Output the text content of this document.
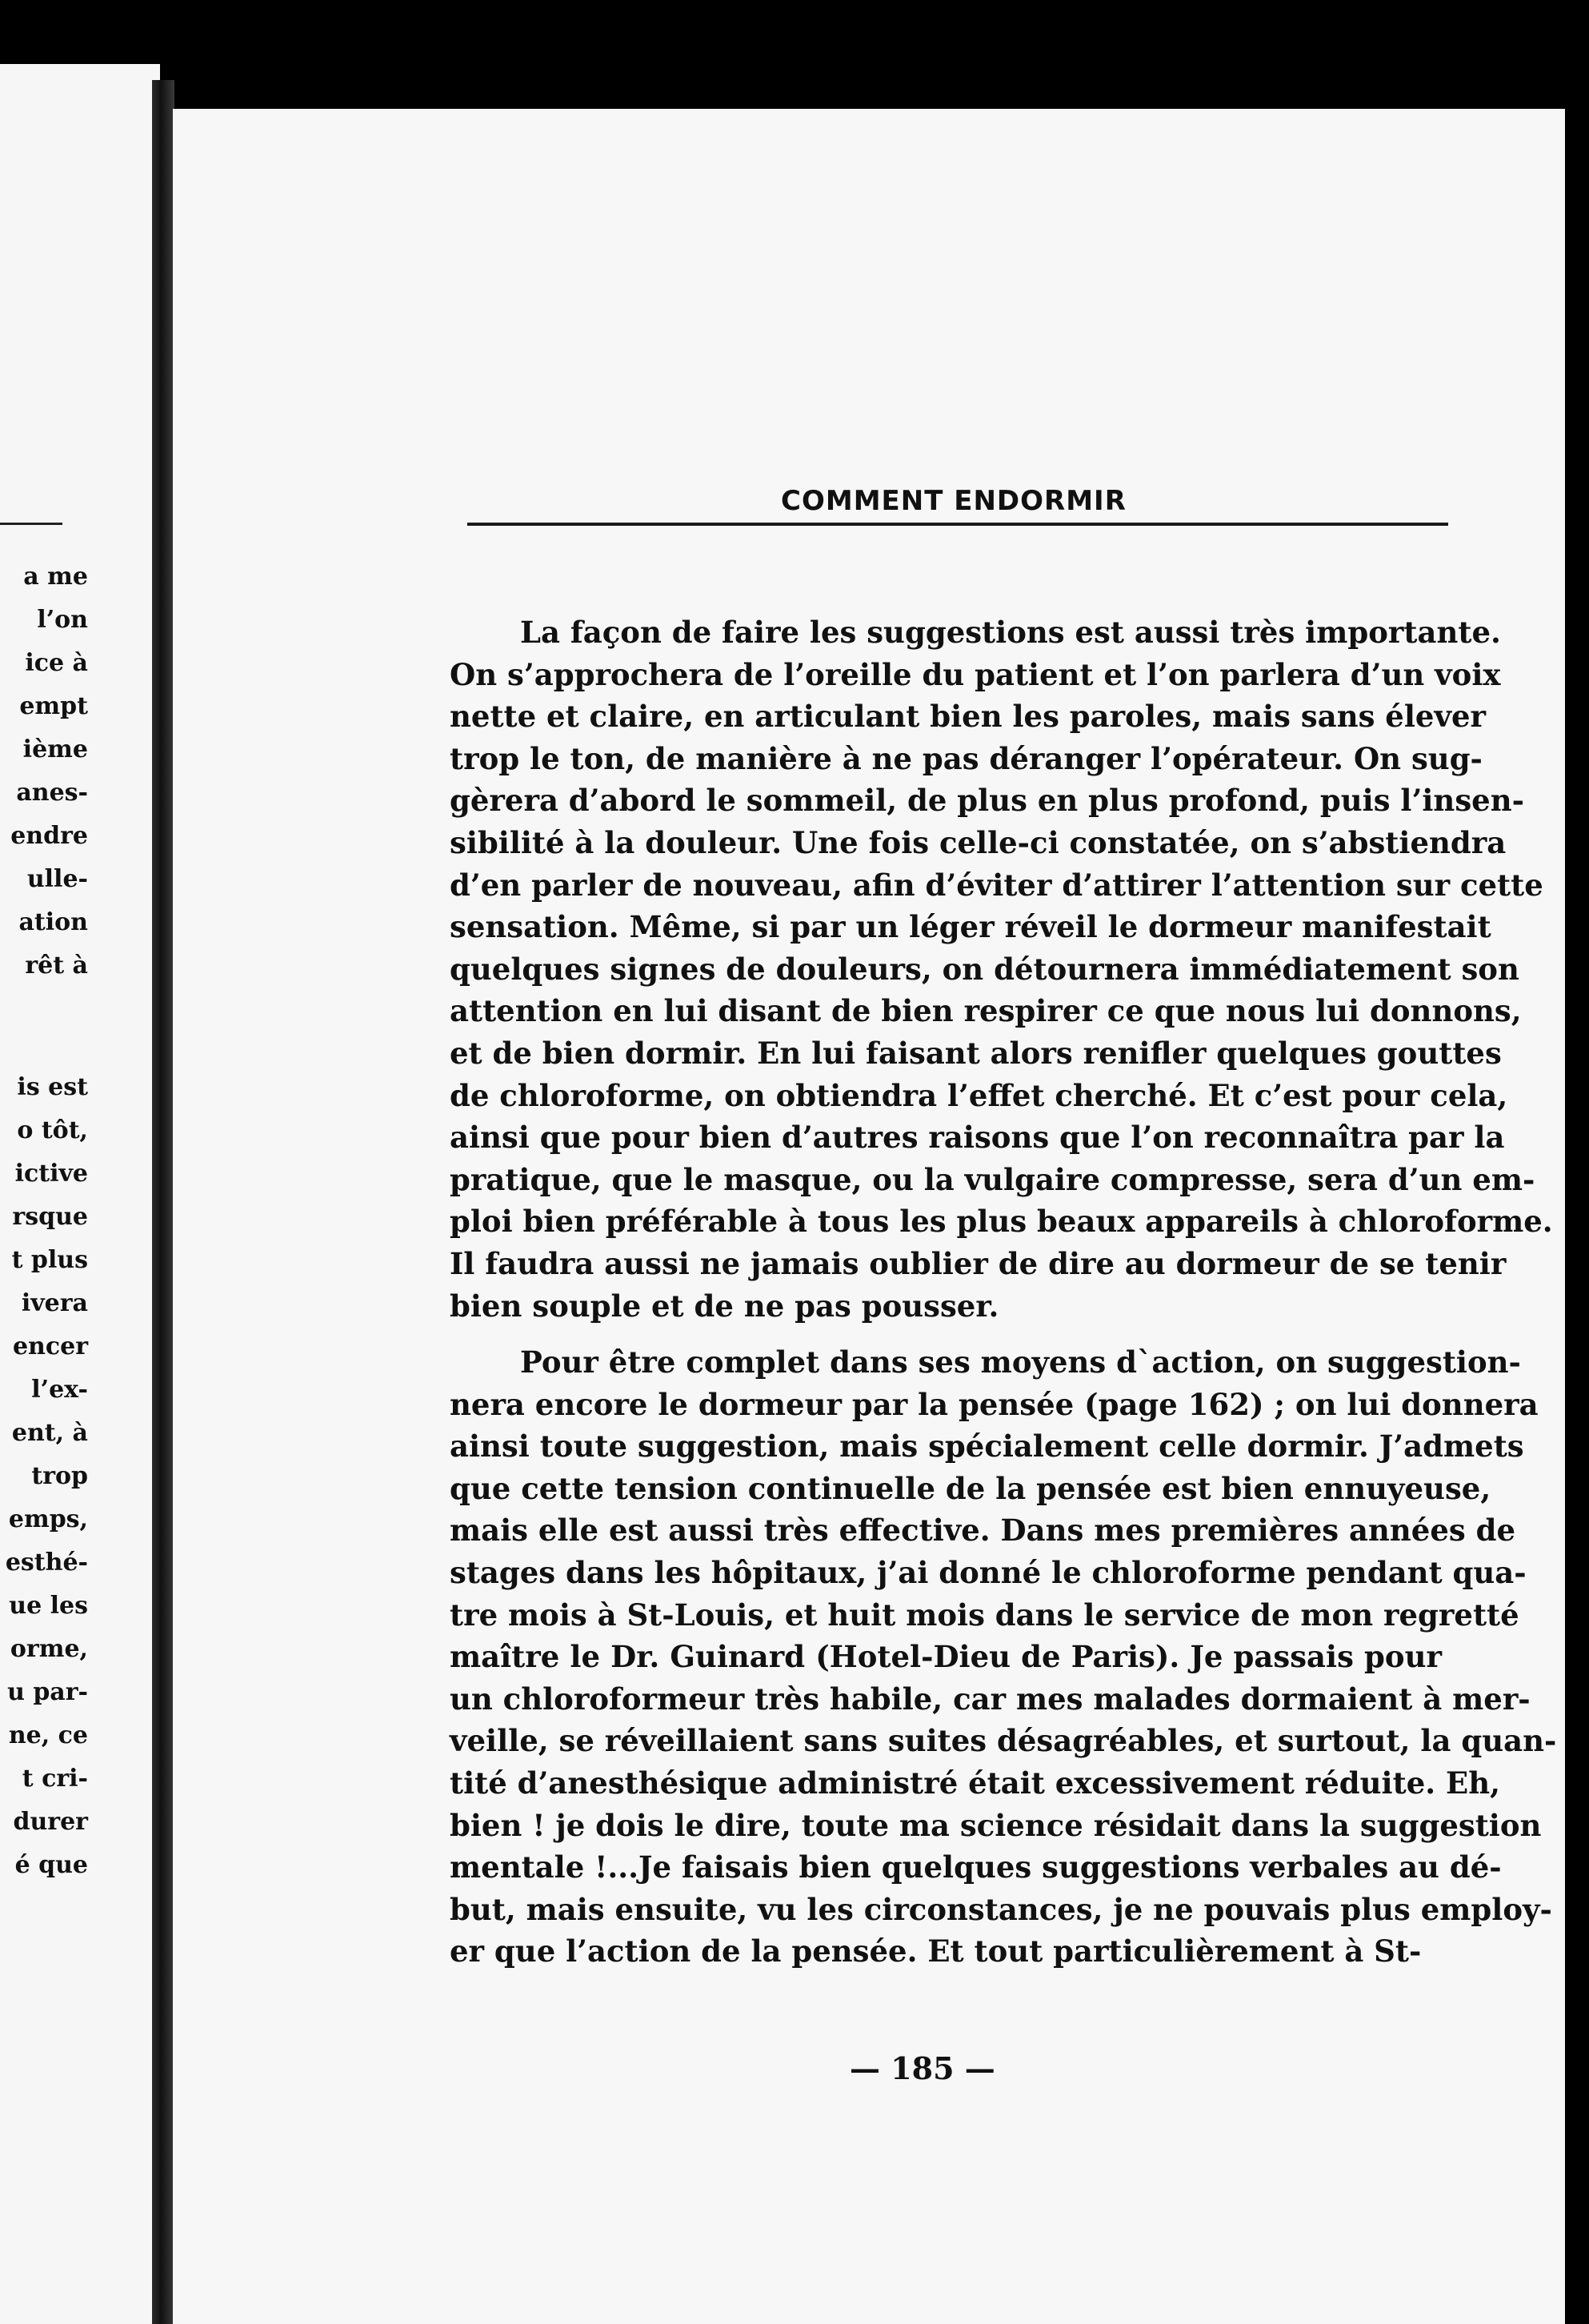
a me
l’on
ice à
empt
ième
anes-
endre
ulle-
ation
rêt à
is est
o tôt,
ictive
rsque
t plus
ivera
encer
l’ex-
ent, à
trop
emps,
esthé-
ue les
orme,
u par-
ne, ce
t cri-
durer
é que
COMMENT ENDORMIR
La façon de faire les suggestions est aussi très importante.
On s’approchera de l’oreille du patient et l’on parlera d’un voix
nette et claire, en articulant bien les paroles, mais sans élever
trop le ton, de manière à ne pas déranger l’opérateur. On sug-
gèrera d’abord le sommeil, de plus en plus profond, puis l’insen-
sibilité à la douleur. Une fois celle-ci constatée, on s’abstiendra
d’en parler de nouveau, afin d’éviter d’attirer l’attention sur cette
sensation. Même, si par un léger réveil le dormeur manifestait
quelques signes de douleurs, on détournera immédiatement son
attention en lui disant de bien respirer ce que nous lui donnons,
et de bien dormir. En lui faisant alors renifler quelques gouttes
de chloroforme, on obtiendra l’effet cherché. Et c’est pour cela,
ainsi que pour bien d’autres raisons que l’on reconnaîtra par la
pratique, que le masque, ou la vulgaire compresse, sera d’un em-
ploi bien préférable à tous les plus beaux appareils à chloroforme.
Il faudra aussi ne jamais oublier de dire au dormeur de se tenir
bien souple et de ne pas pousser.
Pour être complet dans ses moyens d`action, on suggestion-
nera encore le dormeur par la pensée (page 162) ; on lui donnera
ainsi toute suggestion, mais spécialement celle dormir. J’admets
que cette tension continuelle de la pensée est bien ennuyeuse,
mais elle est aussi très effective. Dans mes premières années de
stages dans les hôpitaux, j’ai donné le chloroforme pendant qua-
tre mois à St-Louis, et huit mois dans le service de mon regretté
maître le Dr. Guinard (Hotel-Dieu de Paris). Je passais pour
un chloroformeur très habile, car mes malades dormaient à mer-
veille, se réveillaient sans suites désagréables, et surtout, la quan-
tité d’anesthésique administré était excessivement réduite. Eh,
bien ! je dois le dire, toute ma science résidait dans la suggestion
mentale !...Je faisais bien quelques suggestions verbales au dé-
but, mais ensuite, vu les circonstances, je ne pouvais plus employ-
er que l’action de la pensée. Et tout particulièrement à St-
— 185 —
